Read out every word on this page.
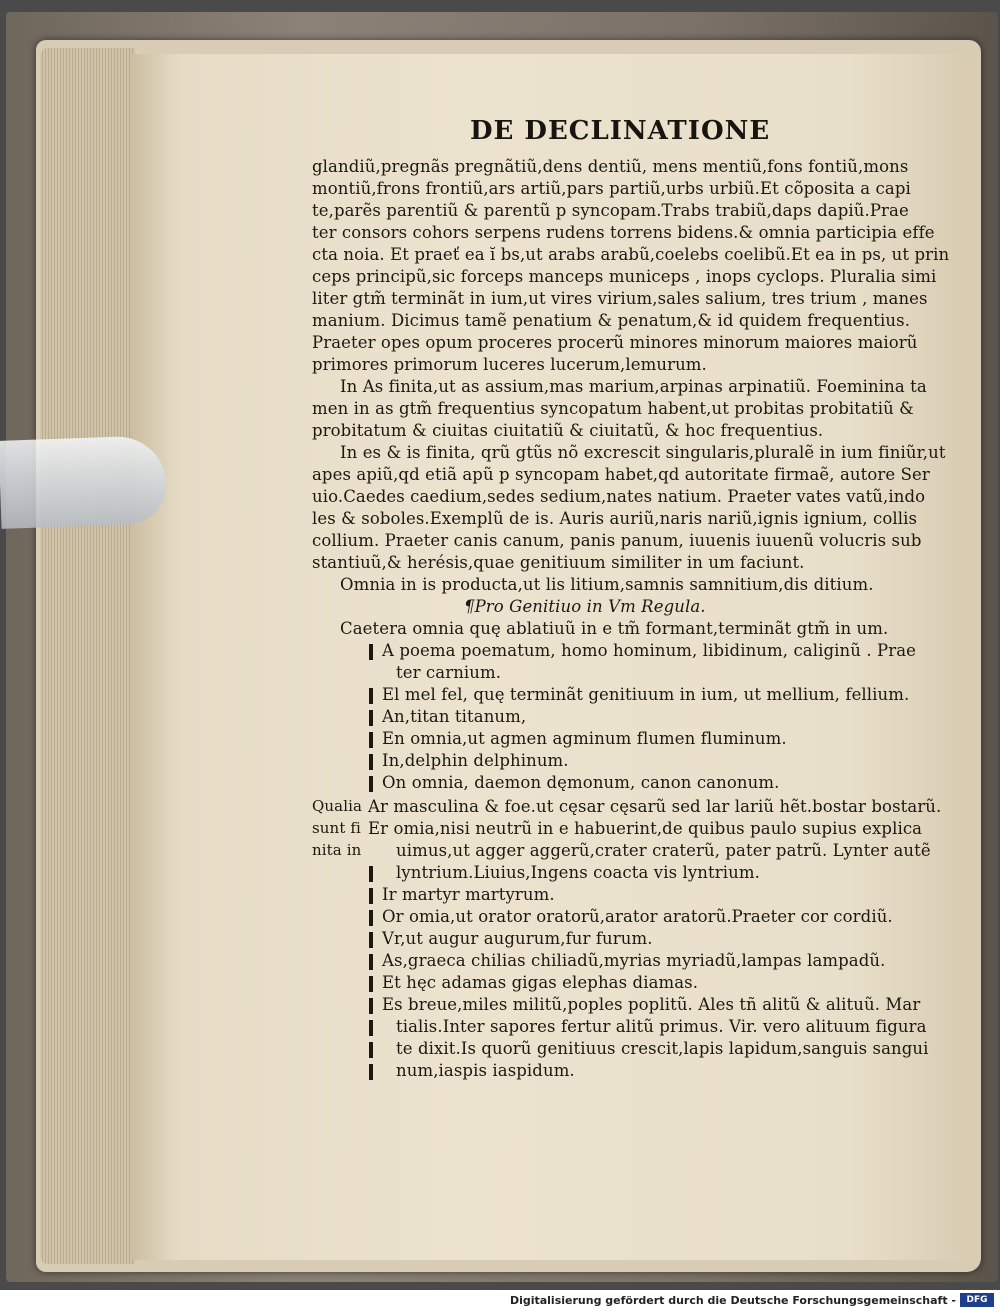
DE DECLINATIONE
glandiũ,pregnãs pregnãtiũ,dens dentiũ, mens mentiũ,fons fontiũ,mons
montiũ,frons frontiũ,ars artiũ,pars partiũ,urbs urbiũ.Et cõposita a capi
te,parẽs parentiũ & parentũ p syncopam.Trabs trabiũ,daps dapiũ.Prae
ter consors cohors serpens rudens torrens bidens.& omnia participia effe
cta noia. Et praeť ea ĭ bs,ut arabs arabũ,coelebs coelibũ.Et ea in ps, ut prin
ceps principũ,sic forceps manceps municeps , inops cyclops. Pluralia simi
liter gtm̃ terminãt in ium,ut vires virium,sales salium, tres trium , manes
manium. Dicimus tamẽ penatium & penatum,& id quidem frequentius.
Praeter opes opum proceres procerũ minores minorum maiores maiorũ
primores primorum luceres lucerum,lemurum.
In As finita,ut as assium,mas marium,arpinas arpinatiũ. Foeminina ta
men in as gtm̃ frequentius syncopatum habent,ut probitas probitatiũ &
probitatum & ciuitas ciuitatiũ & ciuitatũ, & hoc frequentius.
In es & is finita, qrũ gtũs nõ excrescit singularis,pluralẽ in ium finiũr,ut
apes apiũ,qd etiã apũ p syncopam habet,qd autoritate firmaẽ, autore Ser
uio.Caedes caedium,sedes sedium,nates natium. Praeter vates vatũ,indo
les & soboles.Exemplũ de is. Auris auriũ,naris nariũ,ignis ignium, collis
collium. Praeter canis canum, panis panum, iuuenis iuuenũ volucris sub
stantiuũ,& herésis,quae genitiuum similiter in um faciunt.
Omnia in is producta,ut lis litium,samnis samnitium,dis ditium.
¶Pro Genitiuo in Vm Regula.
Caetera omnia quę ablatiuũ in e tm̃ formant,terminãt gtm̃ in um.
A poema poematum, homo hominum, libidinum, caliginũ . Prae
ter carnium.
El mel fel, quę terminãt genitiuum in ium, ut mellium, fellium.
An,titan titanum,
En omnia,ut agmen agminum flumen fluminum.
In,delphin delphinum.
On omnia, daemon dęmonum, canon canonum.
Qualia Ar masculina & foe.ut cęsar cęsarũ sed lar lariũ hẽt.bostar bostarũ.
sunt fi Er omia,nisi neutrũ in e habuerint,de quibus paulo supius explica
nita in uimus,ut agger aggerũ,crater craterũ, pater patrũ. Lynter autẽ
lyntrium.Liuius,Ingens coacta vis lyntrium.
Ir martyr martyrum.
Or omia,ut orator oratorũ,arator aratorũ.Praeter cor cordiũ.
Vr,ut augur augurum,fur furum.
As,graeca chilias chiliadũ,myrias myriadũ,lampas lampadũ.
Et hęc adamas gigas elephas diamas.
Es breue,miles militũ,poples poplitũ. Ales tñ alitũ & alituũ. Mar
tialis.Inter sapores fertur alitũ primus. Vir. vero alituum figura
te dixit.Is quorũ genitiuus crescit,lapis lapidum,sanguis sangui
num,iaspis iaspidum.
Digitalisierung gefördert durch die Deutsche Forschungsgemeinschaft -	DFG
